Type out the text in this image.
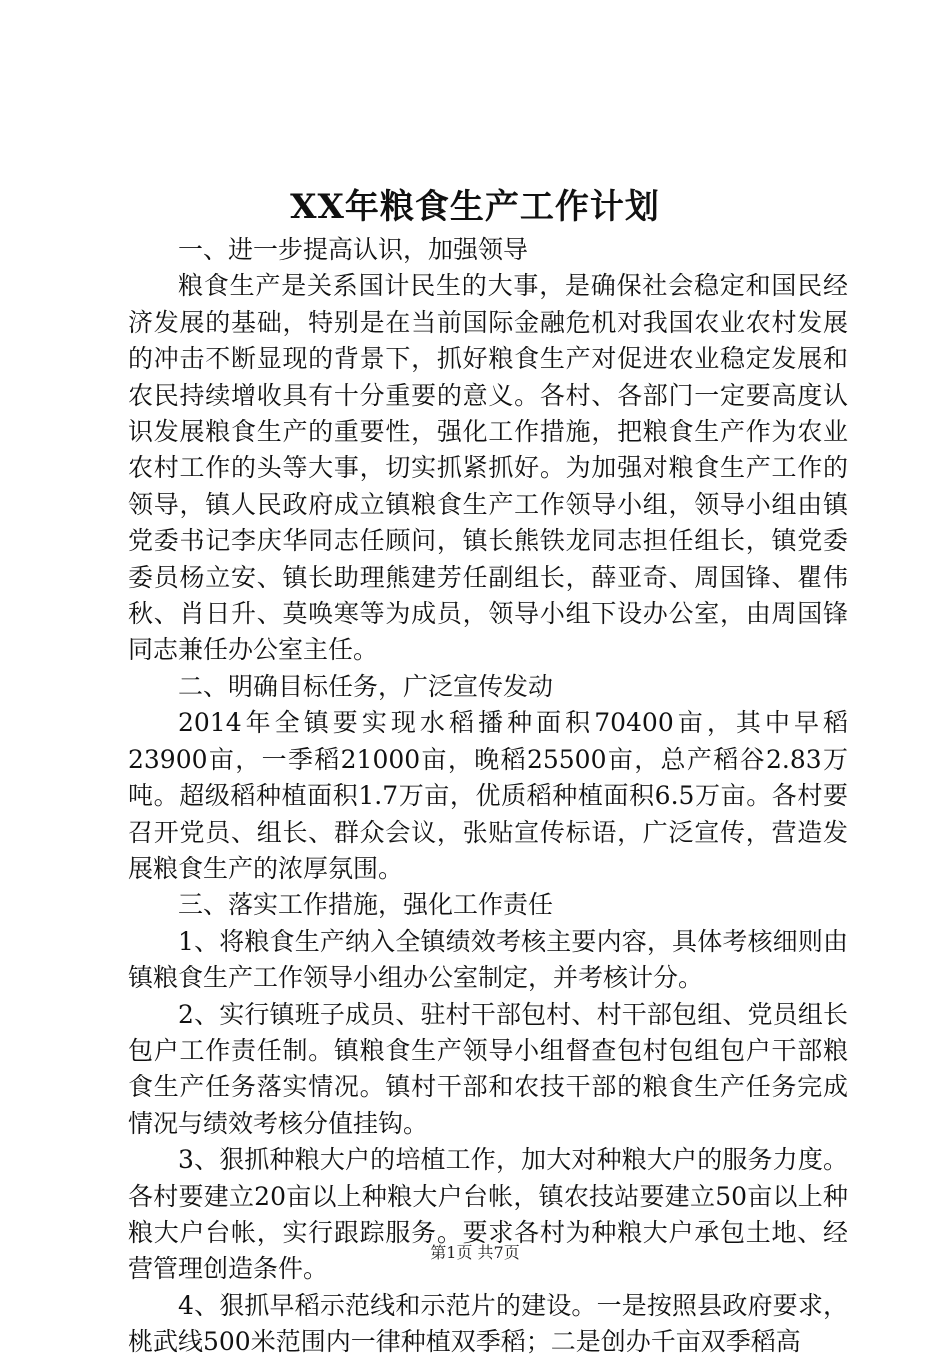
XX年粮食生产工作计划

一、进一步提高认识，加强领导

粮食生产是关系国计民生的大事，是确保社会稳定和国民经济发展的基础，特别是在当前国际金融危机对我国农业农村发展的冲击不断显现的背景下，抓好粮食生产对促进农业稳定发展和农民持续增收具有十分重要的意义。各村、各部门一定要高度认识发展粮食生产的重要性，强化工作措施，把粮食生产作为农业农村工作的头等大事，切实抓紧抓好。为加强对粮食生产工作的领导，镇人民政府成立镇粮食生产工作领导小组，领导小组由镇党委书记李庆华同志任顾问，镇长熊铁龙同志担任组长，镇党委委员杨立安、镇长助理熊建芳任副组长，薛亚奇、周国锋、瞿伟秋、肖日升、莫唤寒等为成员，领导小组下设办公室，由周国锋同志兼任办公室主任。

二、明确目标任务，广泛宣传发动

2014年全镇要实现水稻播种面积70400亩，其中早稻23900亩，一季稻21000亩，晚稻25500亩，总产稻谷2.83万吨。超级稻种植面积1.7万亩，优质稻种植面积6.5万亩。各村要召开党员、组长、群众会议，张贴宣传标语，广泛宣传，营造发展粮食生产的浓厚氛围。

三、落实工作措施，强化工作责任

1、将粮食生产纳入全镇绩效考核主要内容，具体考核细则由镇粮食生产工作领导小组办公室制定，并考核计分。

2、实行镇班子成员、驻村干部包村、村干部包组、党员组长包户工作责任制。镇粮食生产领导小组督查包村包组包户干部粮食生产任务落实情况。镇村干部和农技干部的粮食生产任务完成情况与绩效考核分值挂钩。

3、狠抓种粮大户的培植工作，加大对种粮大户的服务力度。各村要建立20亩以上种粮大户台帐，镇农技站要建立50亩以上种粮大户台帐，实行跟踪服务。要求各村为种粮大户承包土地、经营管理创造条件。

4、狠抓早稻示范线和示范片的建设。一是按照县政府要求，桃武线500米范围内一律种植双季稻；二是创办千亩双季稻高

第1页 共7页
